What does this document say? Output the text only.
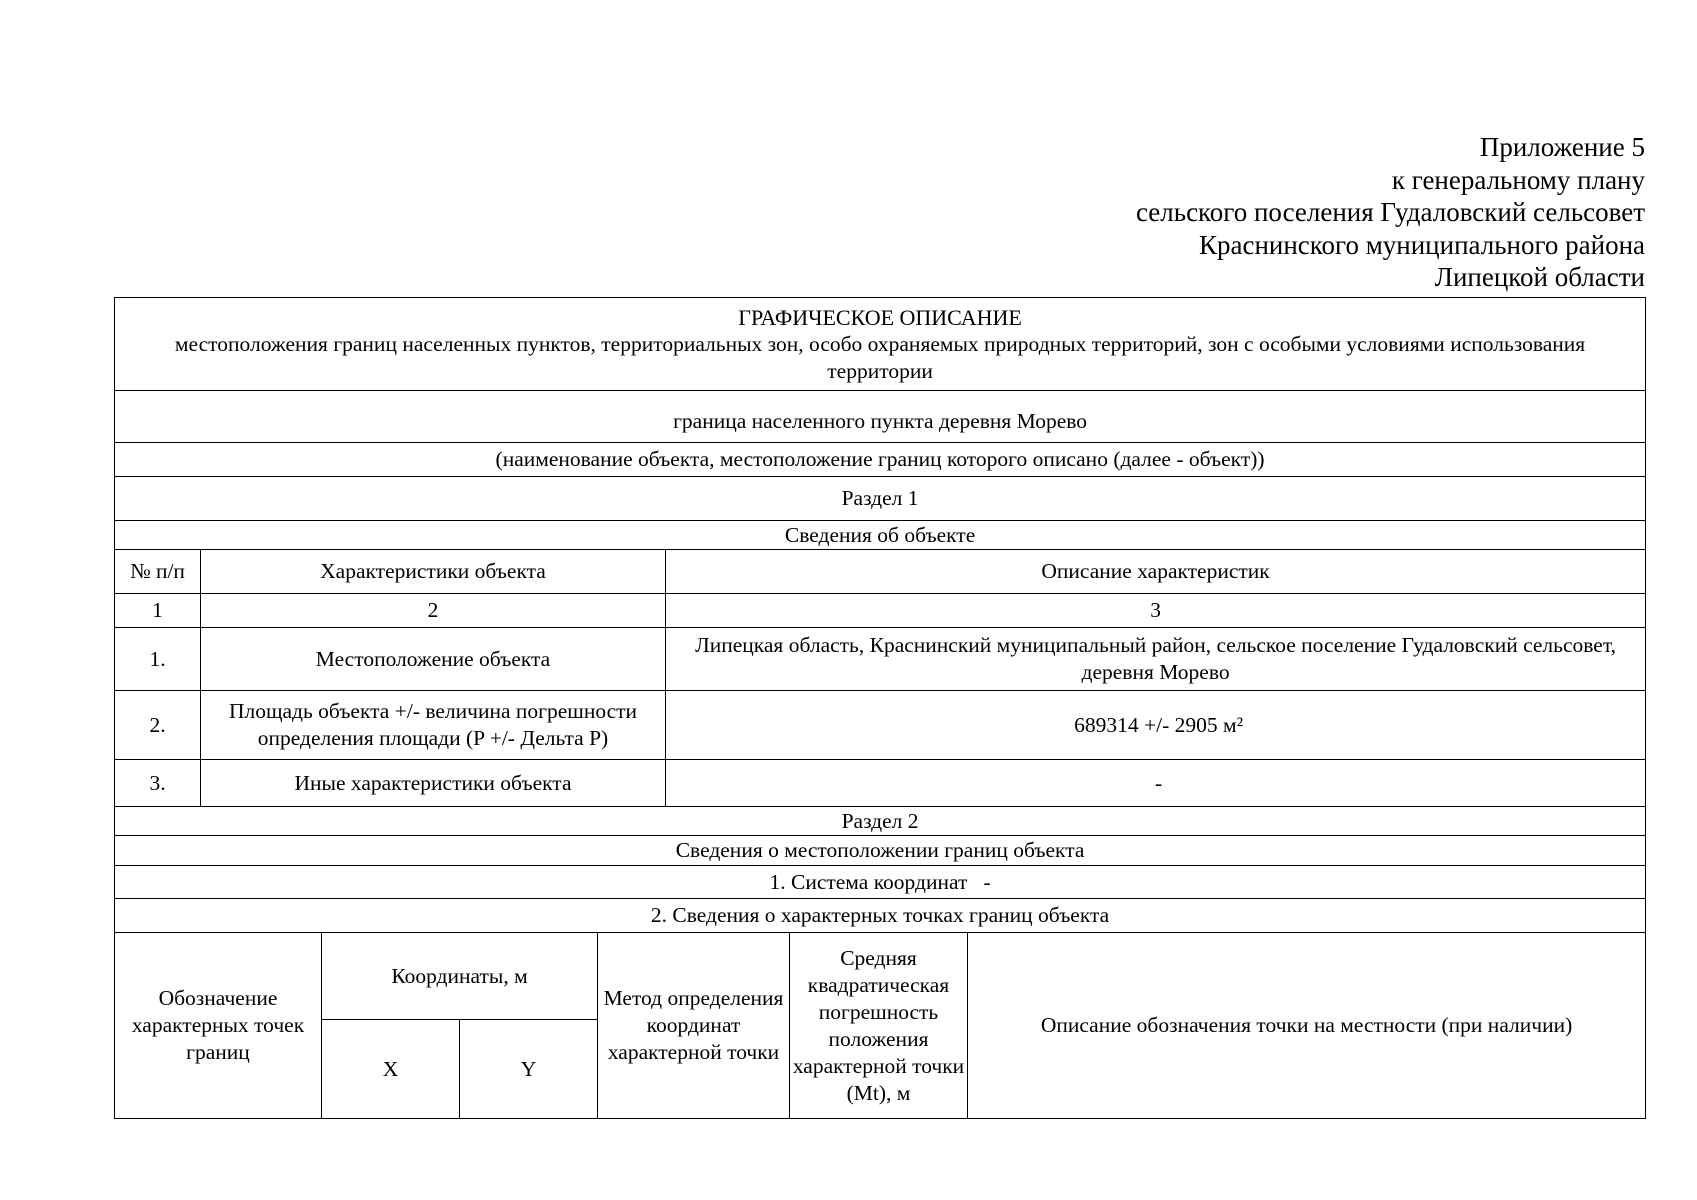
Приложение 5
к генеральному плану
сельского поселения Гудаловский сельсовет
Краснинского муниципального района
Липецкой области
ГРАФИЧЕСКОЕ ОПИСАНИЕ
местоположения границ населенных пунктов, территориальных зон, особо охраняемых природных территорий, зон с особыми условиями использования территории							

граница населенного пункта деревня Морево							
(наименование объекта, местоположение границ которого описано (далее - объект))							
Раздел 1							
Сведения об объекте							
№ п/п	Характеристики объекта				Описание характеристик		
1	2				3		
1.	Местоположение объекта				Липецкая область, Краснинский муниципальный район, сельское поселение Гудаловский сельсовет, деревня Морево		
2.	Площадь объекта +/- величина погрешности определения площади (P +/- Дельта P)				689314 +/- 2905 м²		
3.	Иные характеристики объекта				-		
Раздел 2							
Сведения о местоположении границ объекта							
1. Система координат   -							
2. Сведения о характерных точках границ объекта							
Обозначение характерных точек границ		Координаты, м		Метод определения координат характерной точки		Средняя квадратическая погрешность положения характерной точки (Mt), м	Описание обозначения точки на местности (при наличии)
		X	Y				
